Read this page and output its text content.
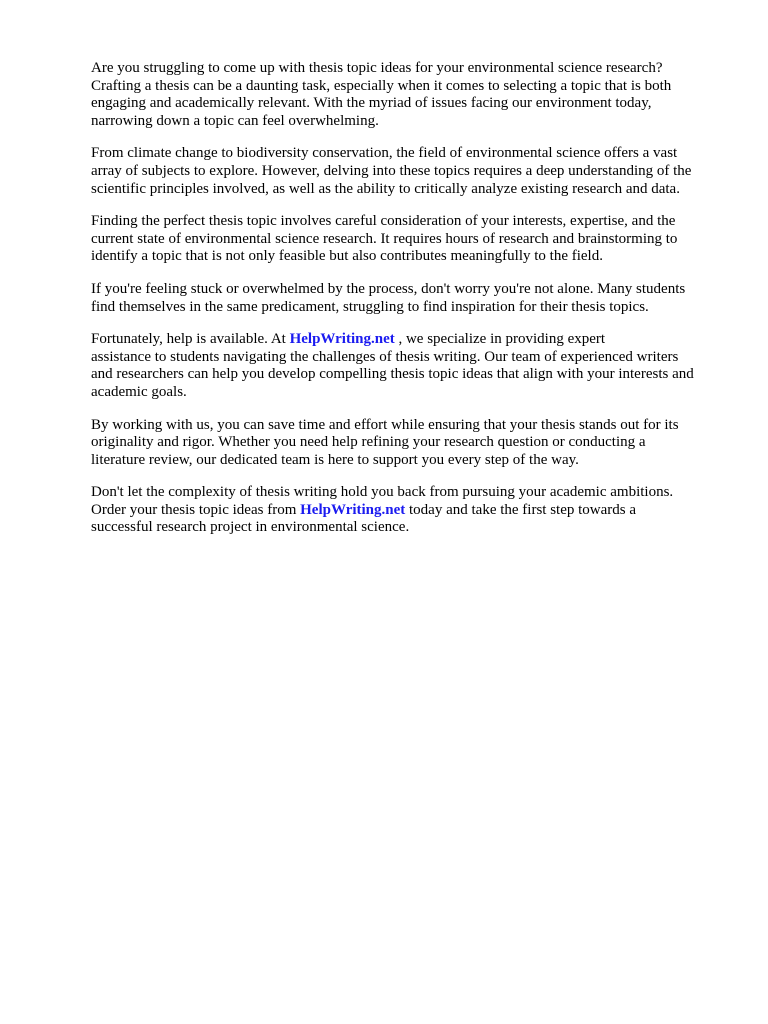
Are you struggling to come up with thesis topic ideas for your environmental science research?
Crafting a thesis can be a daunting task, especially when it comes to selecting a topic that is both
engaging and academically relevant. With the myriad of issues facing our environment today,
narrowing down a topic can feel overwhelming.

From climate change to biodiversity conservation, the field of environmental science offers a vast
array of subjects to explore. However, delving into these topics requires a deep understanding of the
scientific principles involved, as well as the ability to critically analyze existing research and data.

Finding the perfect thesis topic involves careful consideration of your interests, expertise, and the
current state of environmental science research. It requires hours of research and brainstorming to
identify a topic that is not only feasible but also contributes meaningfully to the field.

If you're feeling stuck or overwhelmed by the process, don't worry you're not alone. Many students
find themselves in the same predicament, struggling to find inspiration for their thesis topics.

Fortunately, help is available. At HelpWriting.net , we specialize in providing expert
assistance to students navigating the challenges of thesis writing. Our team of experienced writers
and researchers can help you develop compelling thesis topic ideas that align with your interests and
academic goals.

By working with us, you can save time and effort while ensuring that your thesis stands out for its
originality and rigor. Whether you need help refining your research question or conducting a
literature review, our dedicated team is here to support you every step of the way.

Don't let the complexity of thesis writing hold you back from pursuing your academic ambitions.
Order your thesis topic ideas from HelpWriting.net today and take the first step towards a
successful research project in environmental science.
